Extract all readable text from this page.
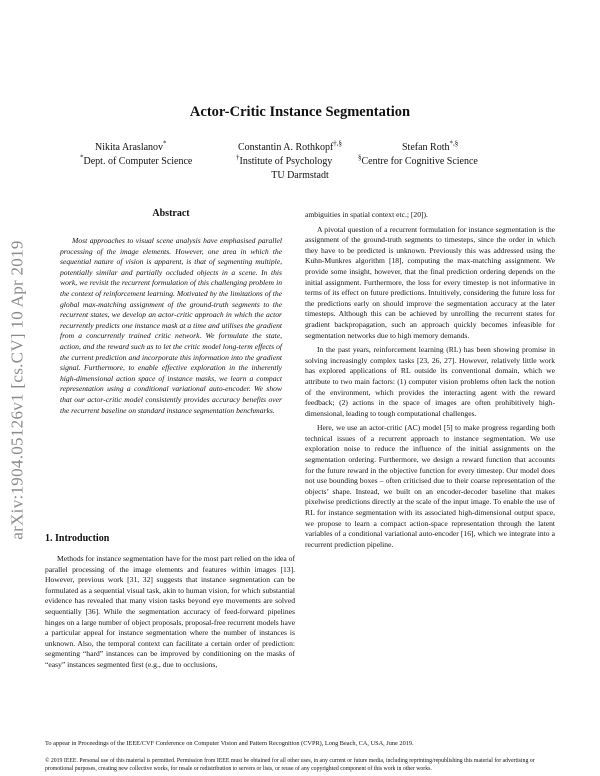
arXiv:1904.05126v1 [cs.CV] 10 Apr 2019
Actor-Critic Instance Segmentation
Nikita Araslanov*	Constantin A. Rothkopf†,§	Stefan Roth*,§
*Dept. of Computer Science	†Institute of Psychology	§Centre for Cognitive Science
TU Darmstadt
Abstract

Most approaches to visual scene analysis have emphasised parallel processing of the image elements. However, one area in which the sequential nature of vision is apparent, is that of segmenting multiple, potentially similar and partially occluded objects in a scene. In this work, we revisit the recurrent formulation of this challenging problem in the context of reinforcement learning. Motivated by the limitations of the global max-matching assignment of the ground-truth segments to the recurrent states, we develop an actor-critic approach in which the actor recurrently predicts one instance mask at a time and utilises the gradient from a concurrently trained critic network. We formulate the state, action, and the reward such as to let the critic model long-term effects of the current prediction and incorporate this information into the gradient signal. Furthermore, to enable effective exploration in the inherently high-dimensional action space of instance masks, we learn a compact representation using a conditional variational auto-encoder. We show that our actor-critic model consistently provides accuracy benefits over the recurrent baseline on standard instance segmentation benchmarks.

1. Introduction

Methods for instance segmentation have for the most part relied on the idea of parallel processing of the image elements and features within images [13]. However, previous work [31, 32] suggests that instance segmentation can be formulated as a sequential visual task, akin to human vision, for which substantial evidence has revealed that many vision tasks beyond eye movements are solved sequentially [36]. While the segmentation accuracy of feed-forward pipelines hinges on a large number of object proposals, proposal-free recurrent models have a particular appeal for instance segmentation where the number of instances is unknown. Also, the temporal context can facilitate a certain order of prediction: segmenting “hard” instances can be improved by conditioning on the masks of “easy” instances segmented first (e.g., due to occlusions,

ambiguities in spatial context etc.; [20]).

A pivotal question of a recurrent formulation for instance segmentation is the assignment of the ground-truth segments to timesteps, since the order in which they have to be predicted is unknown. Previously this was addressed using the Kuhn-Munkres algorithm [18], computing the max-matching assignment. We provide some insight, however, that the final prediction ordering depends on the initial assignment. Furthermore, the loss for every timestep is not informative in terms of its effect on future predictions. Intuitively, considering the future loss for the predictions early on should improve the segmentation accuracy at the later timesteps. Although this can be achieved by unrolling the recurrent states for gradient backpropagation, such an approach quickly becomes infeasible for segmentation networks due to high memory demands.

In the past years, reinforcement learning (RL) has been showing promise in solving increasingly complex tasks [23, 26, 27]. However, relatively little work has explored applications of RL outside its conventional domain, which we attribute to two main factors: (1) computer vision problems often lack the notion of the environment, which provides the interacting agent with the reward feedback; (2) actions in the space of images are often prohibitively high-dimensional, leading to tough computational challenges.

Here, we use an actor-critic (AC) model [5] to make progress regarding both technical issues of a recurrent approach to instance segmentation. We use exploration noise to reduce the influence of the initial assignments on the segmentation ordering. Furthermore, we design a reward function that accounts for the future reward in the objective function for every timestep. Our model does not use bounding boxes – often criticised due to their coarse representation of the objects’ shape. Instead, we built on an encoder-decoder baseline that makes pixelwise predictions directly at the scale of the input image. To enable the use of RL for instance segmentation with its associated high-dimensional output space, we propose to learn a compact action-space representation through the latent variables of a conditional variational auto-encoder [16], which we integrate into a recurrent prediction pipeline.

To appear in Proceedings of the IEEE/CVF Conference on Computer Vision and Pattern Recognition (CVPR), Long Beach, CA, USA, June 2019.
© 2019 IEEE. Personal use of this material is permitted. Permission from IEEE must be obtained for all other uses, in any current or future media, including reprinting/republishing this material for advertising or promotional purposes, creating new collective works, for resale or redistribution to servers or lists, or reuse of any copyrighted component of this work in other works.
